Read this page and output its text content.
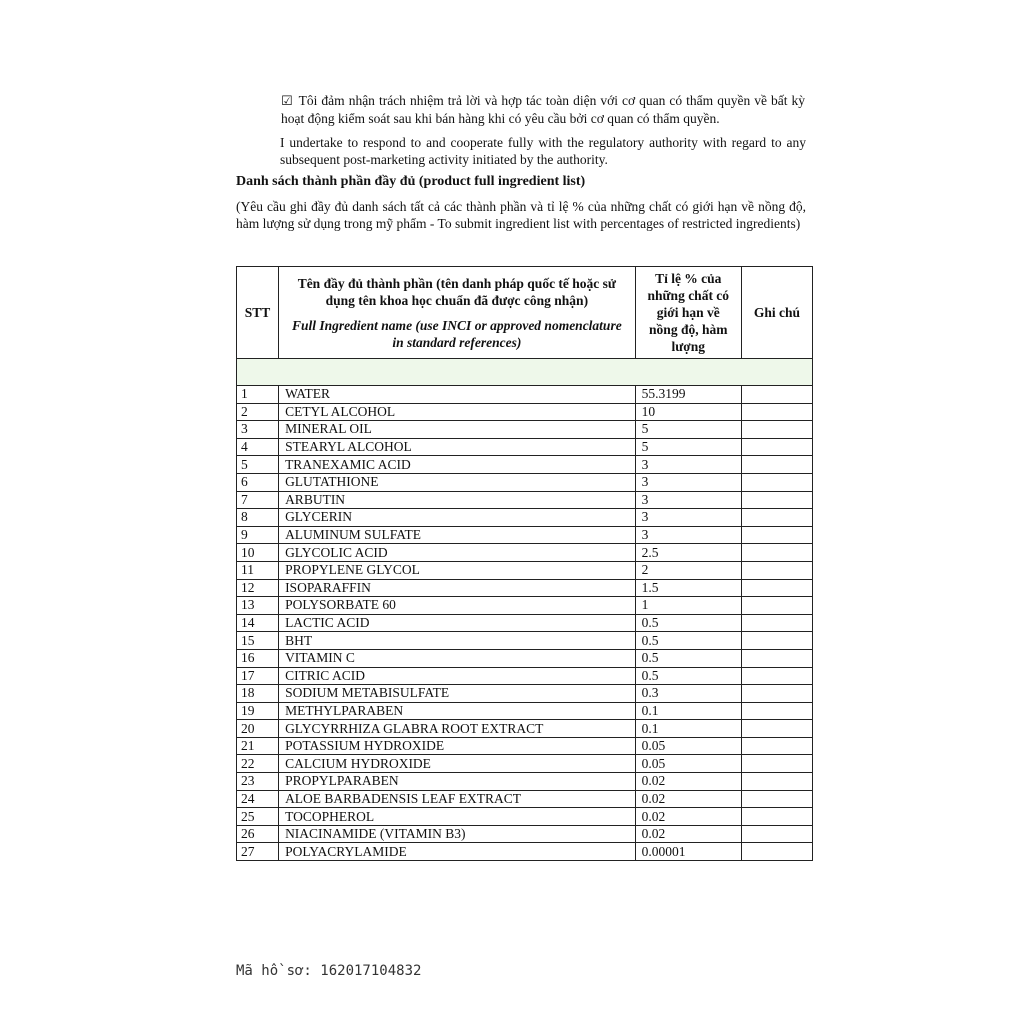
☑ Tôi đảm nhận trách nhiệm trả lời và hợp tác toàn diện với cơ quan có thẩm quyền về bất kỳ hoạt động kiểm soát sau khi bán hàng khi có yêu cầu bởi cơ quan có thẩm quyền.
I undertake to respond to and cooperate fully with the regulatory authority with regard to any subsequent post-marketing activity initiated by the authority.
Danh sách thành phần đầy đủ (product full ingredient list)
(Yêu cầu ghi đầy đủ danh sách tất cả các thành phần và tỉ lệ % của những chất có giới hạn về nồng độ, hàm lượng sử dụng trong mỹ phẩm - To submit ingredient list with percentages of restricted ingredients)
STT	Tên đầy đủ thành phần (tên danh pháp quốc tế hoặc sử dụng tên khoa học chuẩn đã được công nhận)
Full Ingredient name (use INCI or approved nomenclature in standard references)	Tỉ lệ % của những chất có giới hạn về nồng độ, hàm lượng	Ghi chú

1	WATER	55.3199	
2	CETYL ALCOHOL	10	
3	MINERAL OIL	5	
4	STEARYL ALCOHOL	5	
5	TRANEXAMIC ACID	3	
6	GLUTATHIONE	3	
7	ARBUTIN	3	
8	GLYCERIN	3	
9	ALUMINUM SULFATE	3	
10	GLYCOLIC ACID	2.5	
11	PROPYLENE GLYCOL	2	
12	ISOPARAFFIN	1.5	
13	POLYSORBATE 60	1	
14	LACTIC ACID	0.5	
15	BHT	0.5	
16	VITAMIN C	0.5	
17	CITRIC ACID	0.5	
18	SODIUM METABISULFATE	0.3	
19	METHYLPARABEN	0.1	
20	GLYCYRRHIZA GLABRA ROOT EXTRACT	0.1	
21	POTASSIUM HYDROXIDE	0.05	
22	CALCIUM HYDROXIDE	0.05	
23	PROPYLPARABEN	0.02	
24	ALOE BARBADENSIS LEAF EXTRACT	0.02	
25	TOCOPHEROL	0.02	
26	NIACINAMIDE (VITAMIN B3)	0.02	
27	POLYACRYLAMIDE	0.00001	
Mã hồ sơ: 162017104832
